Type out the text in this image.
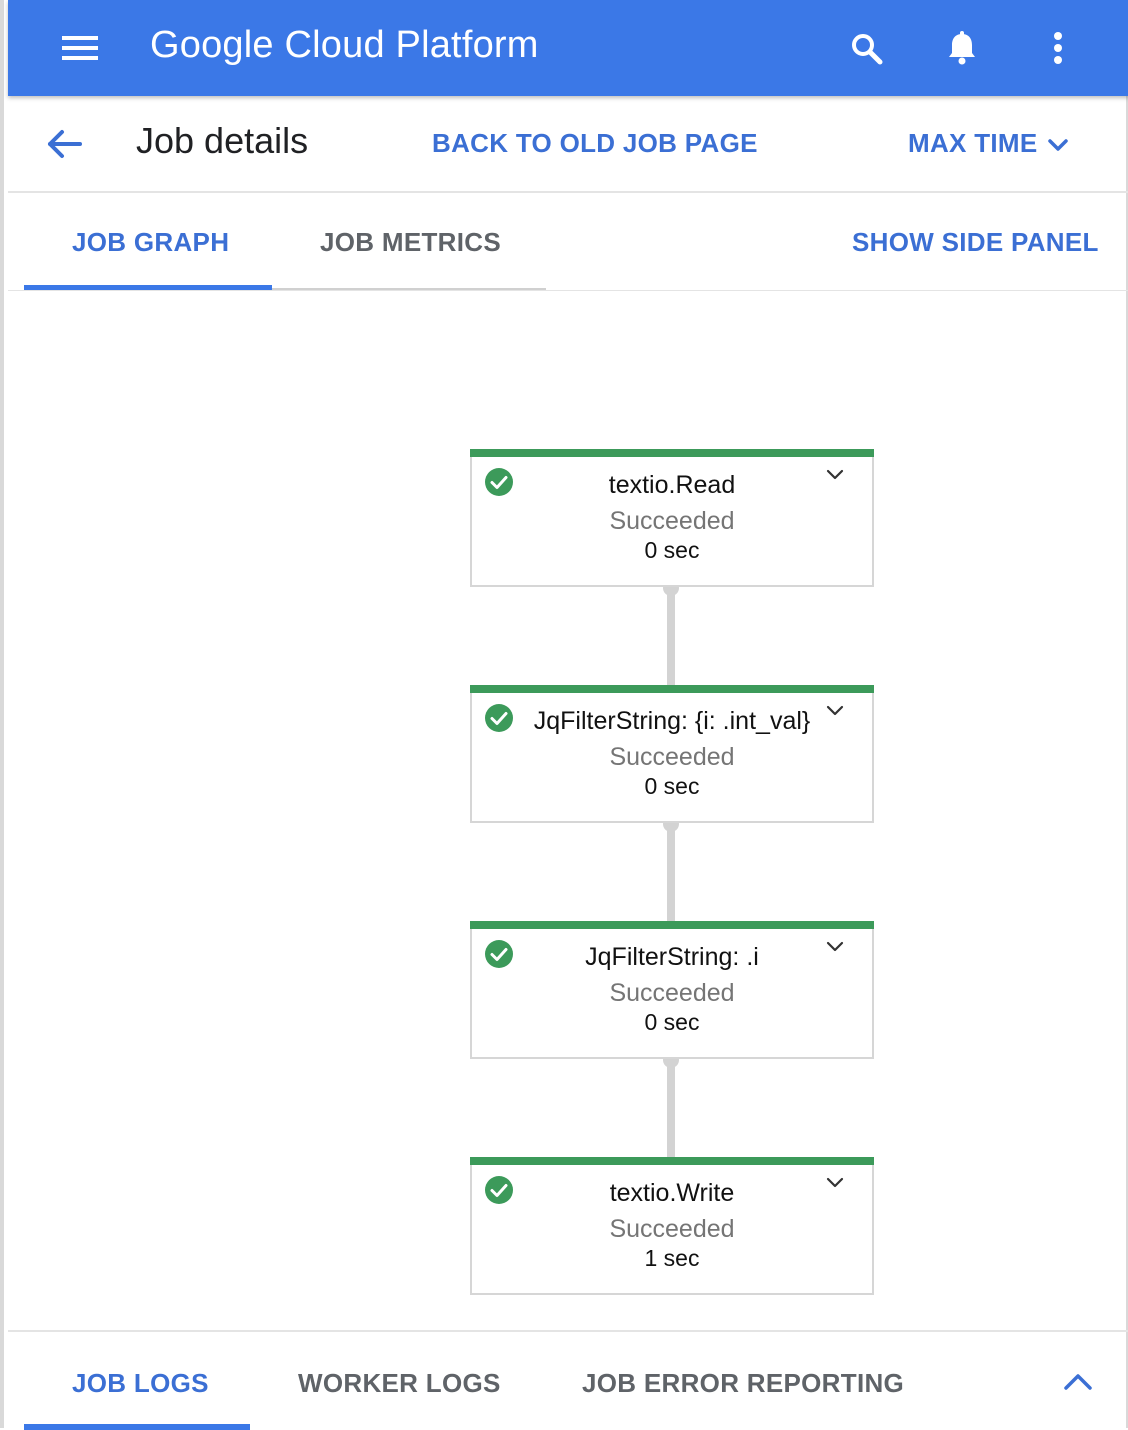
Google Cloud Platform
Job details	BACK TO OLD JOB PAGE	MAX TIME
JOB GRAPH	JOB METRICS	SHOW SIDE PANEL
textio.Read
Succeeded
0 sec
JqFilterString: {i: .int_val}
Succeeded
0 sec
JqFilterString: .i
Succeeded
0 sec
textio.Write
Succeeded
1 sec
JOB LOGS	WORKER LOGS	JOB ERROR REPORTING
